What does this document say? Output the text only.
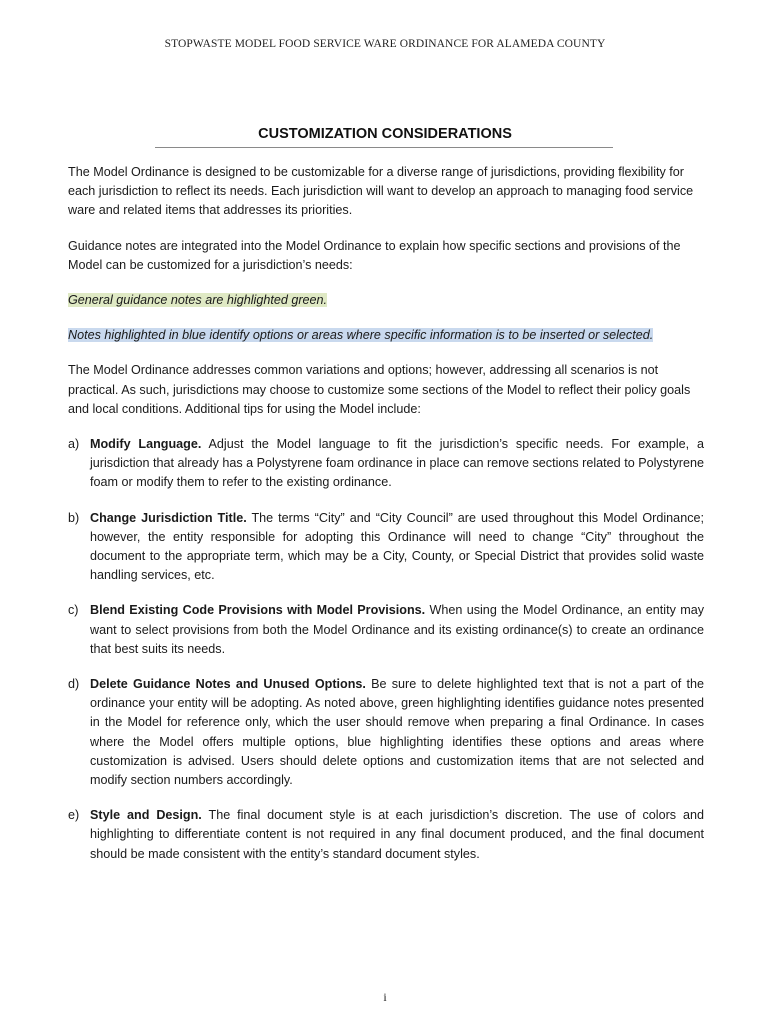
STOPWASTE MODEL FOOD SERVICE WARE ORDINANCE FOR ALAMEDA COUNTY
CUSTOMIZATION CONSIDERATIONS

The Model Ordinance is designed to be customizable for a diverse range of jurisdictions, providing flexibility for each jurisdiction to reflect its needs. Each jurisdiction will want to develop an approach to managing food service ware and related items that addresses its priorities.

Guidance notes are integrated into the Model Ordinance to explain how specific sections and provisions of the Model can be customized for a jurisdiction’s needs:

General guidance notes are highlighted green.

Notes highlighted in blue identify options or areas where specific information is to be inserted or selected.

The Model Ordinance addresses common variations and options; however, addressing all scenarios is not practical. As such, jurisdictions may choose to customize some sections of the Model to reflect their policy goals and local conditions. Additional tips for using the Model include:

a) Modify Language. Adjust the Model language to fit the jurisdiction’s specific needs. For example, a jurisdiction that already has a Polystyrene foam ordinance in place can remove sections related to Polystyrene foam or modify them to refer to the existing ordinance.
b) Change Jurisdiction Title. The terms “City” and “City Council” are used throughout this Model Ordinance; however, the entity responsible for adopting this Ordinance will need to change “City” throughout the document to the appropriate term, which may be a City, County, or Special District that provides solid waste handling services, etc.
c) Blend Existing Code Provisions with Model Provisions. When using the Model Ordinance, an entity may want to select provisions from both the Model Ordinance and its existing ordinance(s) to create an ordinance that best suits its needs.
d) Delete Guidance Notes and Unused Options. Be sure to delete highlighted text that is not a part of the ordinance your entity will be adopting. As noted above, green highlighting identifies guidance notes presented in the Model for reference only, which the user should remove when preparing a final Ordinance. In cases where the Model offers multiple options, blue highlighting identifies these options and areas where customization is advised. Users should delete options and customization items that are not selected and modify section numbers accordingly.
e) Style and Design. The final document style is at each jurisdiction’s discretion. The use of colors and highlighting to differentiate content is not required in any final document produced, and the final document should be made consistent with the entity’s standard document styles.
i
